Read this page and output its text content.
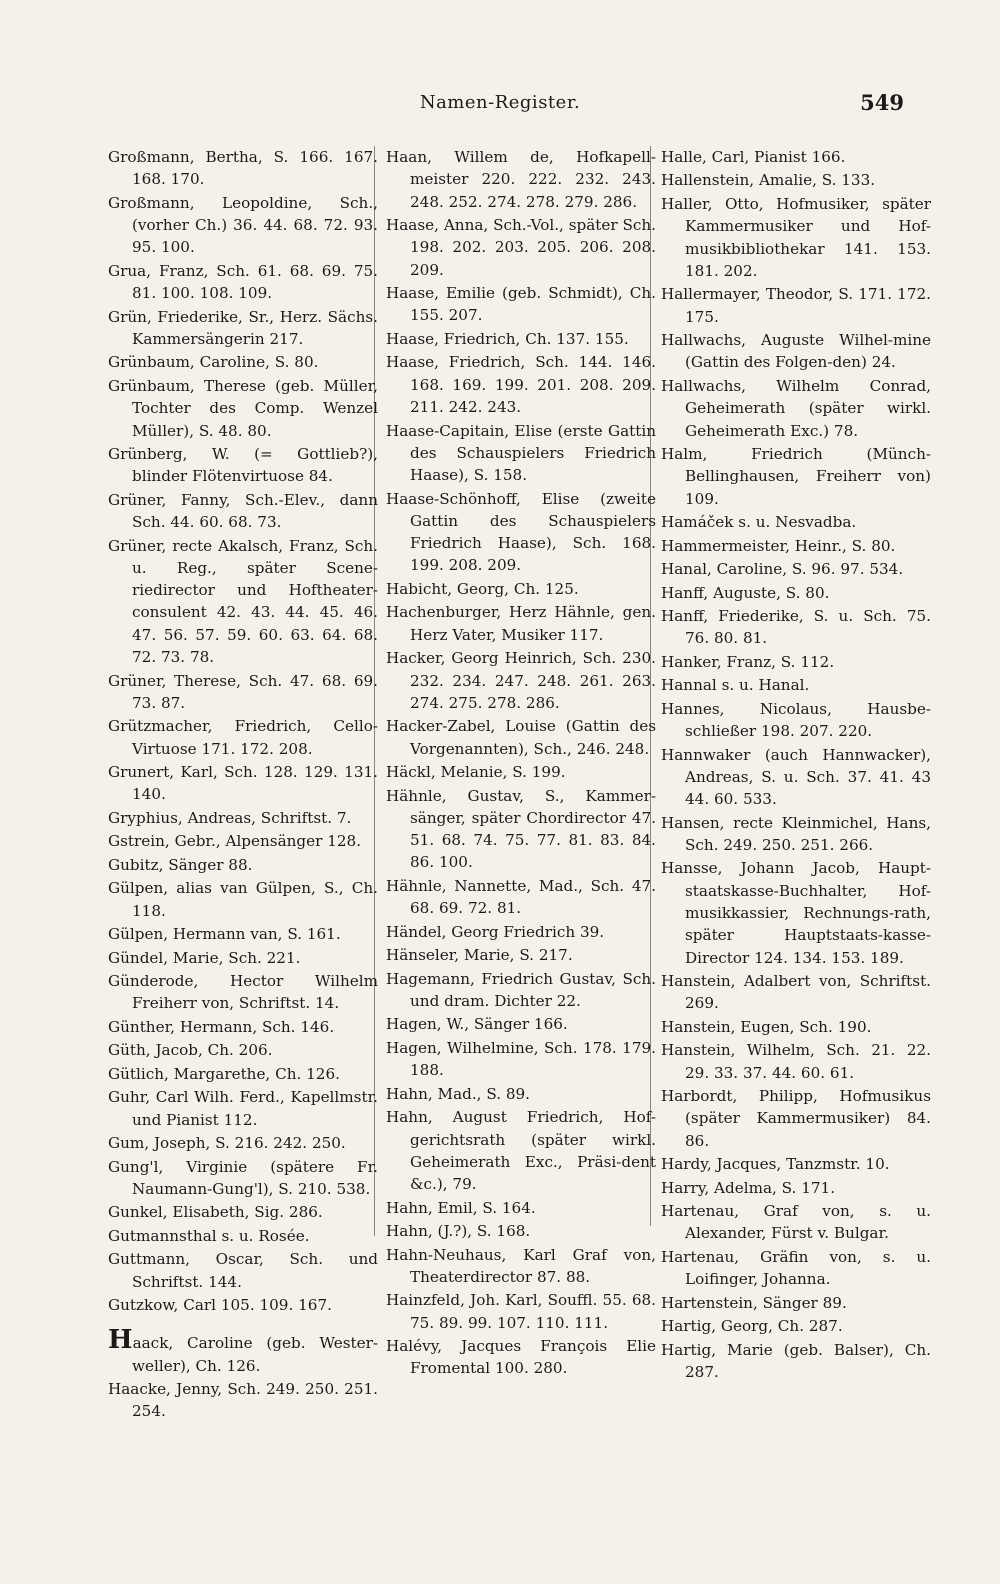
Namen-Register.	549
Großmann, Bertha, S. 166. 167. 168. 170.
Großmann, Leopoldine, Sch., (vorher Ch.) 36. 44. 68. 72. 93. 95. 100.
Grua, Franz, Sch. 61. 68. 69. 75. 81. 100. 108. 109.
Grün, Friederike, Sr., Herz. Sächs. Kammersängerin 217.
Grünbaum, Caroline, S. 80.
Grünbaum, Therese (geb. Müller, Tochter des Comp. Wenzel Müller), S. 48. 80.
Grünberg, W. (= Gottlieb?), blinder Flötenvirtuose 84.
Grüner, Fanny, Sch.-Elev., dann Sch. 44. 60. 68. 73.
Grüner, recte Akalsch, Franz, Sch. u. Reg., später Scene-riedirector und Hoftheater-consulent 42. 43. 44. 45. 46. 47. 56. 57. 59. 60. 63. 64. 68. 72. 73. 78.
Grüner, Therese, Sch. 47. 68. 69. 73. 87.
Grützmacher, Friedrich, Cello-Virtuose 171. 172. 208.
Grunert, Karl, Sch. 128. 129. 131. 140.
Gryphius, Andreas, Schriftst. 7.
Gstrein, Gebr., Alpensänger 128.
Gubitz, Sänger 88.
Gülpen, alias van Gülpen, S., Ch. 118.
Gülpen, Hermann van, S. 161.
Gündel, Marie, Sch. 221.
Günderode, Hector Wilhelm Freiherr von, Schriftst. 14.
Günther, Hermann, Sch. 146.
Güth, Jacob, Ch. 206.
Gütlich, Margarethe, Ch. 126.
Guhr, Carl Wilh. Ferd., Kapellmstr. und Pianist 112.
Gum, Joseph, S. 216. 242. 250.
Gung'l, Virginie (spätere Fr. Naumann-Gung'l), S. 210. 538.
Gunkel, Elisabeth, Sig. 286.
Gutmannsthal s. u. Rosée.
Guttmann, Oscar, Sch. und Schriftst. 144.
Gutzkow, Carl 105. 109. 167.
Haack, Caroline (geb. Wester-weller), Ch. 126.
Haacke, Jenny, Sch. 249. 250. 251. 254.
Haan, Willem de, Hofkapell-meister 220. 222. 232. 243. 248. 252. 274. 278. 279. 286.
Haase, Anna, Sch.-Vol., später Sch. 198. 202. 203. 205. 206. 208. 209.
Haase, Emilie (geb. Schmidt), Ch. 155. 207.
Haase, Friedrich, Ch. 137. 155.
Haase, Friedrich, Sch. 144. 146. 168. 169. 199. 201. 208. 209. 211. 242. 243.
Haase-Capitain, Elise (erste Gattin des Schauspielers Friedrich Haase), S. 158.
Haase-Schönhoff, Elise (zweite Gattin des Schauspielers Friedrich Haase), Sch. 168. 199. 208. 209.
Habicht, Georg, Ch. 125.
Hachenburger, Herz Hähnle, gen. Herz Vater, Musiker 117.
Hacker, Georg Heinrich, Sch. 230. 232. 234. 247. 248. 261. 263. 274. 275. 278. 286.
Hacker-Zabel, Louise (Gattin des Vorgenannten), Sch., 246. 248.
Häckl, Melanie, S. 199.
Hähnle, Gustav, S., Kammer-sänger, später Chordirector 47. 51. 68. 74. 75. 77. 81. 83. 84. 86. 100.
Hähnle, Nannette, Mad., Sch. 47. 68. 69. 72. 81.
Händel, Georg Friedrich 39.
Hänseler, Marie, S. 217.
Hagemann, Friedrich Gustav, Sch. und dram. Dichter 22.
Hagen, W., Sänger 166.
Hagen, Wilhelmine, Sch. 178. 179. 188.
Hahn, Mad., S. 89.
Hahn, August Friedrich, Hof-gerichtsrath (später wirkl. Geheimerath Exc., Präsi-dent &c.), 79.
Hahn, Emil, S. 164.
Hahn, (J.?), S. 168.
Hahn-Neuhaus, Karl Graf von, Theaterdirector 87. 88.
Hainzfeld, Joh. Karl, Souffl. 55. 68. 75. 89. 99. 107. 110. 111.
Halévy, Jacques François Elie Fromental 100. 280.
Halle, Carl, Pianist 166.
Hallenstein, Amalie, S. 133.
Haller, Otto, Hofmusiker, später Kammermusiker und Hof-musikbibliothekar 141. 153. 181. 202.
Hallermayer, Theodor, S. 171. 172. 175.
Hallwachs, Auguste Wilhel-mine (Gattin des Folgen-den) 24.
Hallwachs, Wilhelm Conrad, Geheimerath (später wirkl. Geheimerath Exc.) 78.
Halm, Friedrich (Münch-Bellinghausen, Freiherr von) 109.
Hamáček s. u. Nesvadba.
Hammermeister, Heinr., S. 80.
Hanal, Caroline, S. 96. 97. 534.
Hanff, Auguste, S. 80.
Hanff, Friederike, S. u. Sch. 75. 76. 80. 81.
Hanker, Franz, S. 112.
Hannal s. u. Hanal.
Hannes, Nicolaus, Hausbe-schließer 198. 207. 220.
Hannwaker (auch Hannwacker), Andreas, S. u. Sch. 37. 41. 43 44. 60. 533.
Hansen, recte Kleinmichel, Hans, Sch. 249. 250. 251. 266.
Hansse, Johann Jacob, Haupt-staatskasse-Buchhalter, Hof-musikkassier, Rechnungs-rath, später Hauptstaats-kasse-Director 124. 134. 153. 189.
Hanstein, Adalbert von, Schriftst. 269.
Hanstein, Eugen, Sch. 190.
Hanstein, Wilhelm, Sch. 21. 22. 29. 33. 37. 44. 60. 61.
Harbordt, Philipp, Hofmusikus (später Kammermusiker) 84. 86.
Hardy, Jacques, Tanzmstr. 10.
Harry, Adelma, S. 171.
Hartenau, Graf von, s. u. Alexander, Fürst v. Bulgar.
Hartenau, Gräfin von, s. u. Loifinger, Johanna.
Hartenstein, Sänger 89.
Hartig, Georg, Ch. 287.
Hartig, Marie (geb. Balser), Ch. 287.
